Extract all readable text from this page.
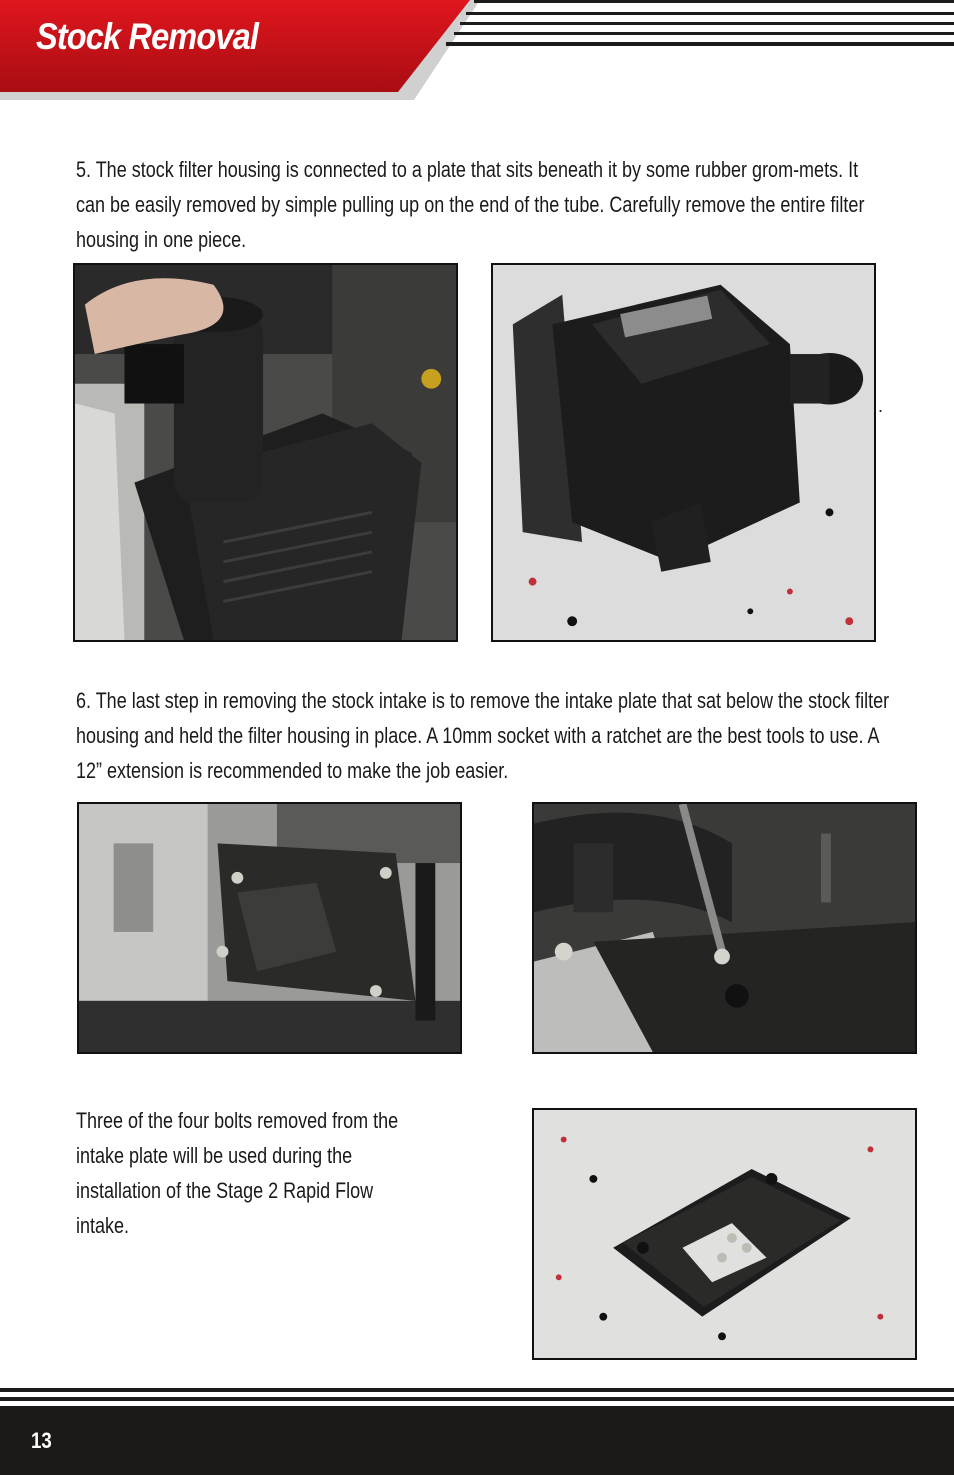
Stock Removal
5. The stock filter housing is connected to a plate that sits beneath it by some rubber grom-mets. It can be easily removed by simple pulling up on the end of the tube. Carefully remove the entire filter housing in one piece.
.
6. The last step in removing the stock intake is to remove the intake plate that sat below the stock filter housing and held the filter housing in place. A 10mm socket with a ratchet are the best tools to use. A 12” extension is recommended to make the job easier.
Three of the four bolts removed from the intake plate will be used during the installation of the Stage 2 Rapid Flow intake.
13
